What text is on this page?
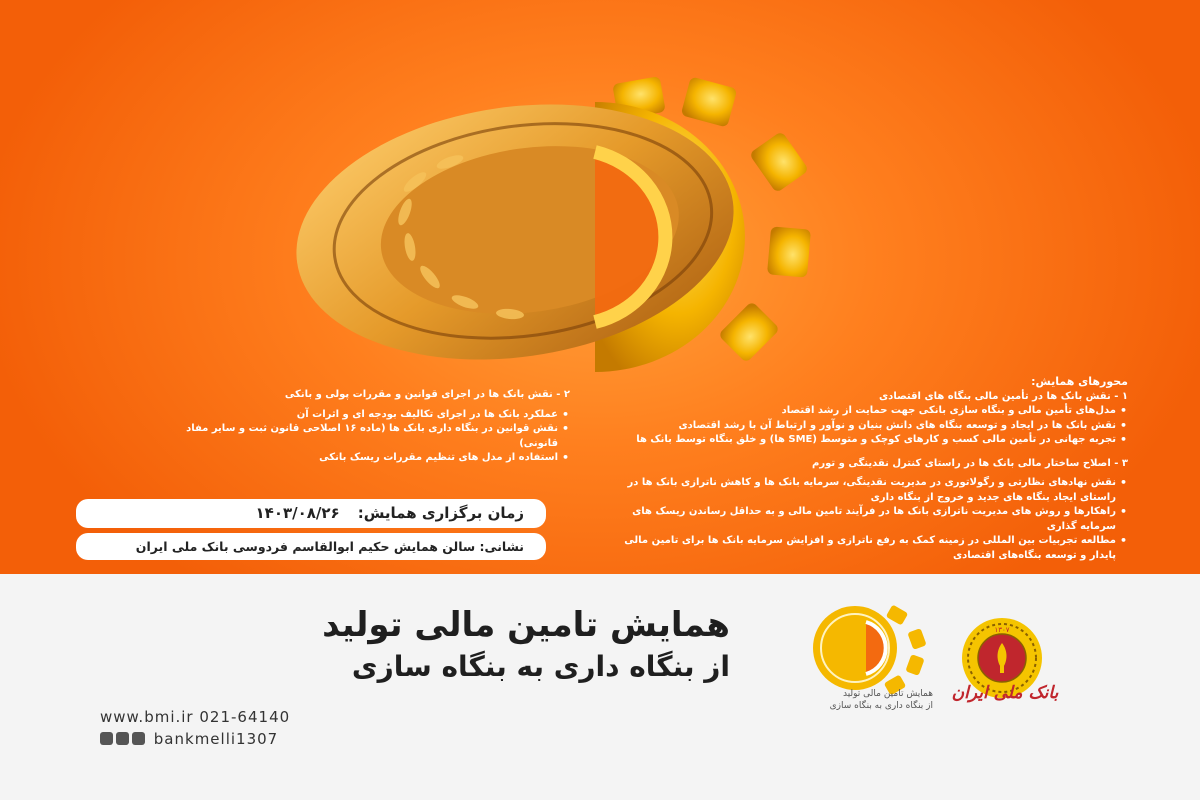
محورهای همایش:
۱ - نقش بانک ها در تأمین مالی بنگاه های اقتصادی
• مدل‌های تأمین مالی و بنگاه سازی بانکی جهت حمایت از رشد اقتصاد
• نقش بانک ها در ایجاد و توسعه بنگاه های دانش بنیان و نوآور و ارتباط آن با رشد اقتصادی
• تجربه جهانی در تأمین مالی کسب و کارهای کوچک و متوسط (SME ها) و خلق بنگاه توسط بانک ها
۳ - اصلاح ساختار مالی بانک ها در راستای کنترل نقدینگی و تورم
• نقش نهادهای نظارتی و رگولاتوری در مدیریت نقدینگی، سرمایه بانک ها و کاهش ناترازی بانک ها در راستای ایجاد بنگاه های جدید و خروج از بنگاه داری
• راهکارها و روش های مدیریت ناترازی بانک ها در فرآیند تامین مالی و به حداقل رساندن ریسک های سرمایه گذاری
• مطالعه تجربیات بین المللی در زمینه کمک به رفع ناترازی و افزایش سرمایه بانک ها برای تامین مالی پایدار و توسعه بنگاه‌های اقتصادی
۲ - نقش بانک ها در اجرای قوانین و مقررات پولی و بانکی
• عملکرد بانک ها در اجرای تکالیف بودجه ای و اثرات آن
• نقش قوانین در بنگاه داری بانک ها (ماده ۱۶ اصلاحی قانون ثبت و سایر مفاد قانونی)
• استفاده از مدل های تنظیم مقررات ریسک بانکی
زمان برگزاری همایش:
۱۴۰۳/۰۸/۲۶
نشانی: سالن همایش حکیم ابوالقاسم فردوسی بانک ملی ایران
همایش تامین مالی تولید
از بنگاه داری به بنگاه سازی
www.bmi.ir 021-64140
bankmelli1307
همایش تامین مالی تولید
از بنگاه داری به بنگاه سازی
۱۳۰۷
بانک ملی ایران
